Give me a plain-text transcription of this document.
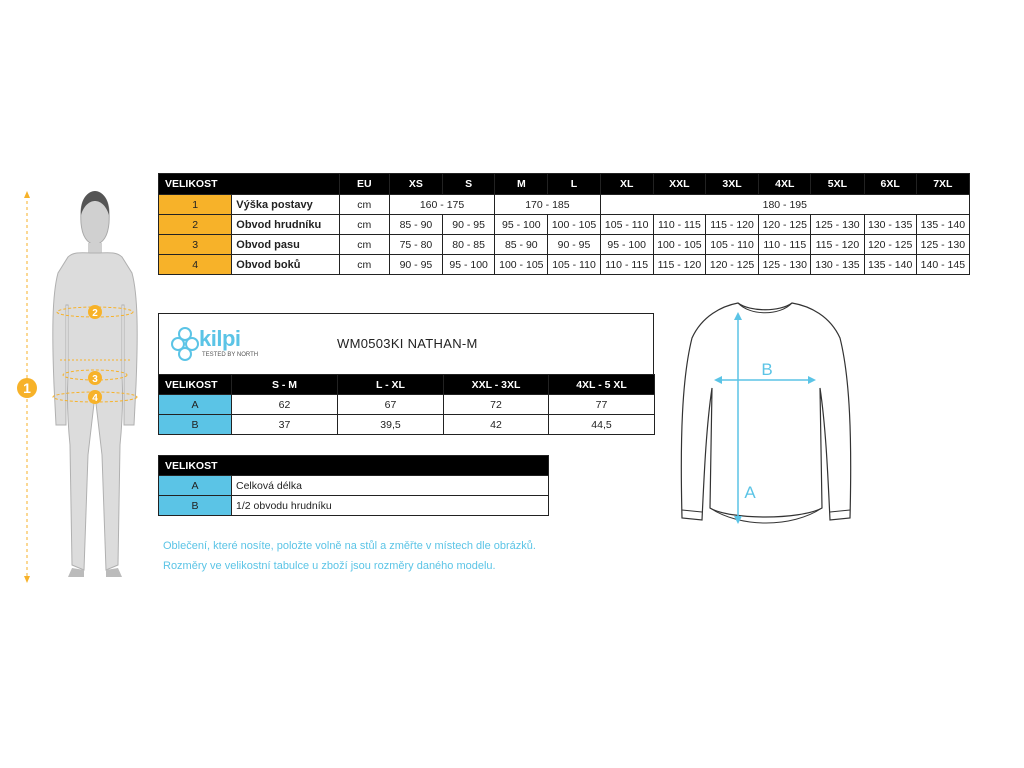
1
2
3
4
VELIKOST		EU	XS	S	M	L	XL	XXL	3XL	4XL	5XL	6XL	7XL
1	Výška postavy	cm	160 - 175		170 - 185		180 - 195						
2	Obvod hrudníku	cm	85 - 90	90 - 95	95 - 100	100 - 105	105 - 110	110 - 115	115 - 120	120 - 125	125 - 130	130 - 135	135 - 140
3	Obvod pasu	cm	75 - 80	80 - 85	85 - 90	90 - 95	95 - 100	100 - 105	105 - 110	110 - 115	115 - 120	120 - 125	125 - 130
4	Obvod boků	cm	90 - 95	95 - 100	100 - 105	105 - 110	110 - 115	115 - 120	120 - 125	125 - 130	130 - 135	135 - 140	140 - 145
kilpi
TESTED BY NORTH
WM0503KI NATHAN-M
VELIKOST	S - M	L - XL	XXL - 3XL	4XL - 5 XL
A	62	67	72	77
B	37	39,5	42	44,5
VELIKOST	
A	Celková délka
B	1/2 obvodu hrudníku
Oblečení, které nosíte, položte volně na stůl a změřte v místech dle obrázků.
Rozměry ve velikostní tabulce u zboží jsou rozměry daného modelu.
B
A
